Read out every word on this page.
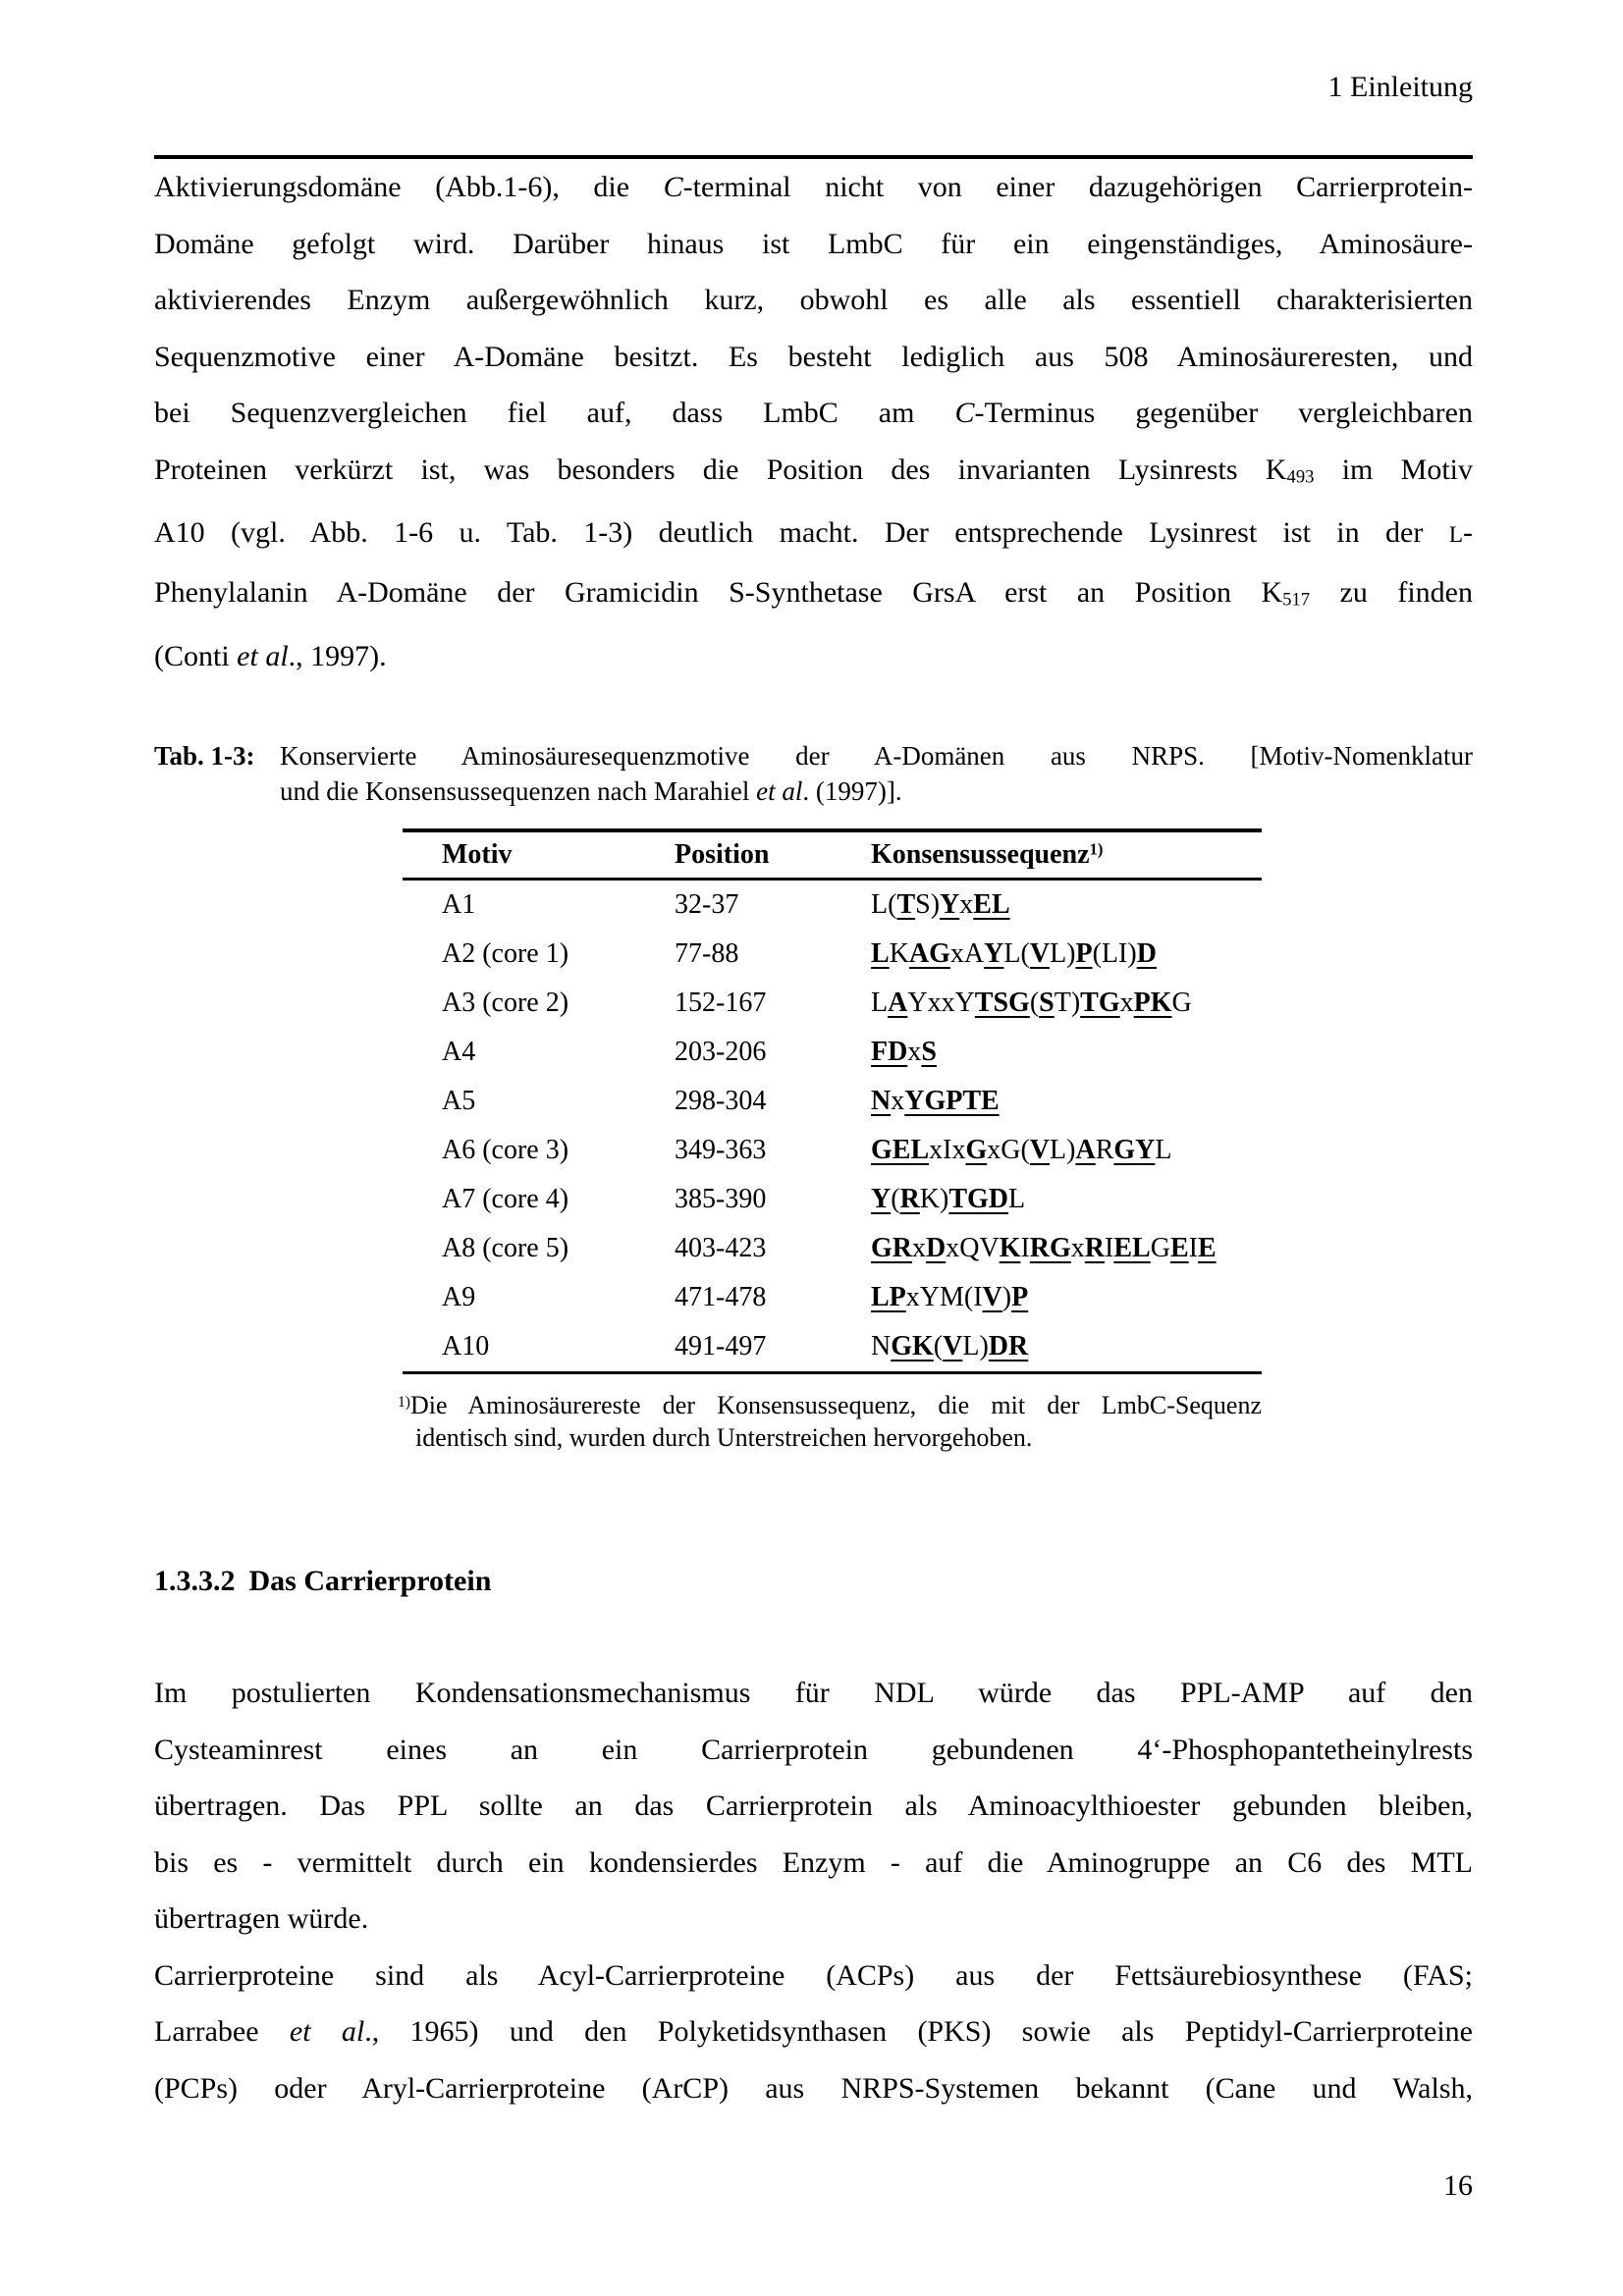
1 Einleitung
Aktivierungsdomäne (Abb.1-6), die C-terminal nicht von einer dazugehörigen Carrierprotein-
Domäne gefolgt wird. Darüber hinaus ist LmbC für ein eingenständiges, Aminosäure-
aktivierendes Enzym außergewöhnlich kurz, obwohl es alle als essentiell charakterisierten
Sequenzmotive einer A-Domäne besitzt. Es besteht lediglich aus 508 Aminosäureresten, und
bei Sequenzvergleichen fiel auf, dass LmbC am C-Terminus gegenüber vergleichbaren
Proteinen verkürzt ist, was besonders die Position des invarianten Lysinrests K493 im Motiv
A10 (vgl. Abb. 1-6 u. Tab. 1-3) deutlich macht. Der entsprechende Lysinrest ist in der L-
Phenylalanin A-Domäne der Gramicidin S-Synthetase GrsA erst an Position K517 zu finden
(Conti et al., 1997).
Tab. 1-3: Konservierte Aminosäuresequenzmotive der A-Domänen aus NRPS. [Motiv-Nomenklatur
und die Konsensussequenzen nach Marahiel et al. (1997)].
Motiv	Position	Konsensussequenz$^{1)}$
A1	32-37	L(TS)YxEL
A2 (core 1)	77-88	LKAGxAYL(VL)P(LI)D
A3 (core 2)	152-167	LAYxxYTSG(ST)TGxPKG
A4	203-206	FDxS
A5	298-304	NxYGPTE
A6 (core 3)	349-363	GELxIxGxG(VL)ARGYL
A7 (core 4)	385-390	Y(RK)TGDL
A8 (core 5)	403-423	GRxDxQVKIRGxRIELGEIE
A9	471-478	LPxYM(IV)P
A10	491-497	NGK(VL)DR
$^{1)}$Die Aminosäurereste der Konsensussequenz, die mit der LmbC-Sequenz
identisch sind, wurden durch Unterstreichen hervorgehoben.
1.3.3.2 Das Carrierprotein
Im postulierten Kondensationsmechanismus für NDL würde das PPL-AMP auf den
Cysteaminrest eines an ein Carrierprotein gebundenen 4‘-Phosphopantetheinylrests
übertragen. Das PPL sollte an das Carrierprotein als Aminoacylthioester gebunden bleiben,
bis es - vermittelt durch ein kondensierdes Enzym - auf die Aminogruppe an C6 des MTL
übertragen würde.
Carrierproteine sind als Acyl-Carrierproteine (ACPs) aus der Fettsäurebiosynthese (FAS;
Larrabee et al., 1965) und den Polyketidsynthasen (PKS) sowie als Peptidyl-Carrierproteine
(PCPs) oder Aryl-Carrierproteine (ArCP) aus NRPS-Systemen bekannt (Cane und Walsh,
16
